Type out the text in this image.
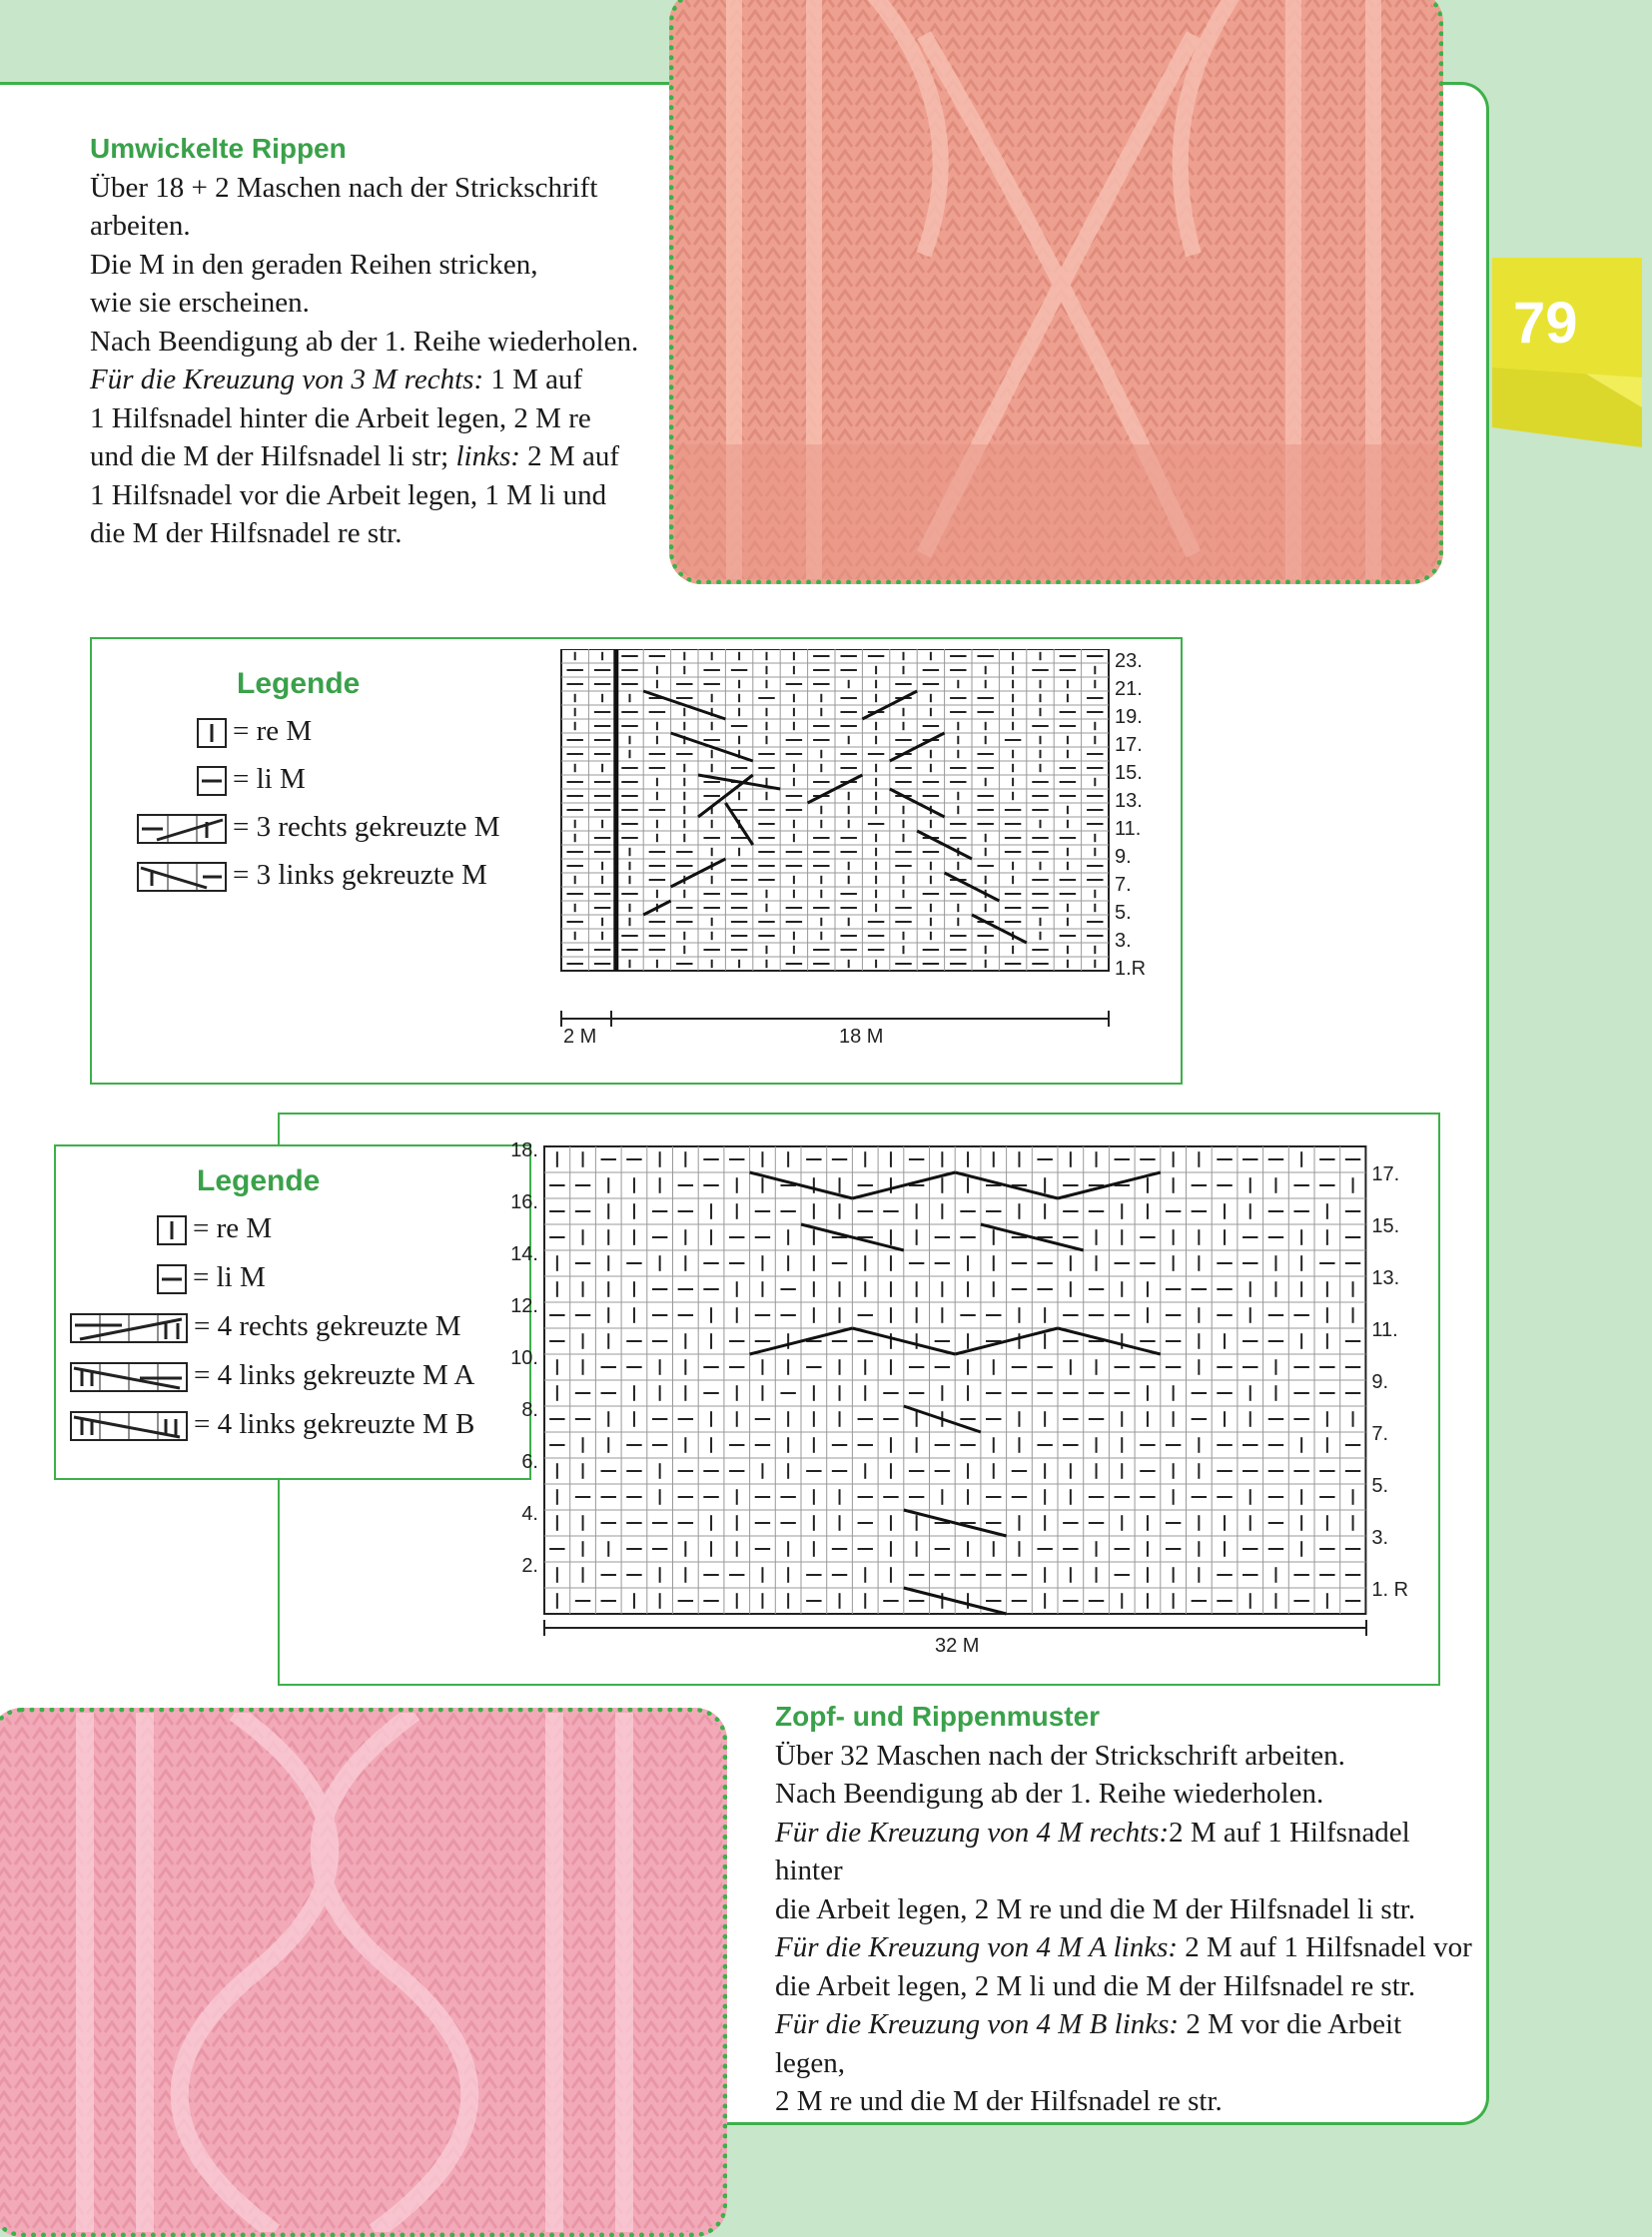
79
Umwickelte Rippen

Über 18 + 2 Maschen nach der Strickschrift

arbeiten.

Die M in den geraden Reihen stricken,

wie sie erscheinen.

Nach Beendigung ab der 1. Reihe wiederholen.

Für die Kreuzung von 3 M rechts: 1 M auf

1 Hilfsnadel hinter die Arbeit legen, 2 M re

und die M der Hilfsnadel li str; links: 2 M auf

1 Hilfsnadel vor die Arbeit legen, 1 M li und

die M der Hilfsnadel re str.

Legende
= re M
= li M
= 3 rechts gekreuzte M
= 3 links gekreuzte M
23.
21.
19.
17.
15.
13.
11.
9.
7.
5.
3.
1.R
2 M	18 M
Legende
= re M
= li M
= 4 rechts gekreuzte M
= 4 links gekreuzte M A
= 4 links gekreuzte M B
18.
16.
14.
12.
10.
8.
6.
4.
2.
17.
15.
13.
11.
9.
7.
5.
3.
1. R
32 M
Zopf- und Rippenmuster

Über 32 Maschen nach der Strickschrift arbeiten.

Nach Beendigung ab der 1. Reihe wiederholen.

Für die Kreuzung von 4 M rechts:2 M auf 1 Hilfsnadel hinter

die Arbeit legen, 2 M re und die M der Hilfsnadel li str.

Für die Kreuzung von 4 M A links: 2 M auf 1 Hilfsnadel vor

die Arbeit legen, 2 M li und die M der Hilfsnadel re str.

Für die Kreuzung von 4 M B links: 2 M vor die Arbeit legen,

2 M re und die M der Hilfsnadel re str.
